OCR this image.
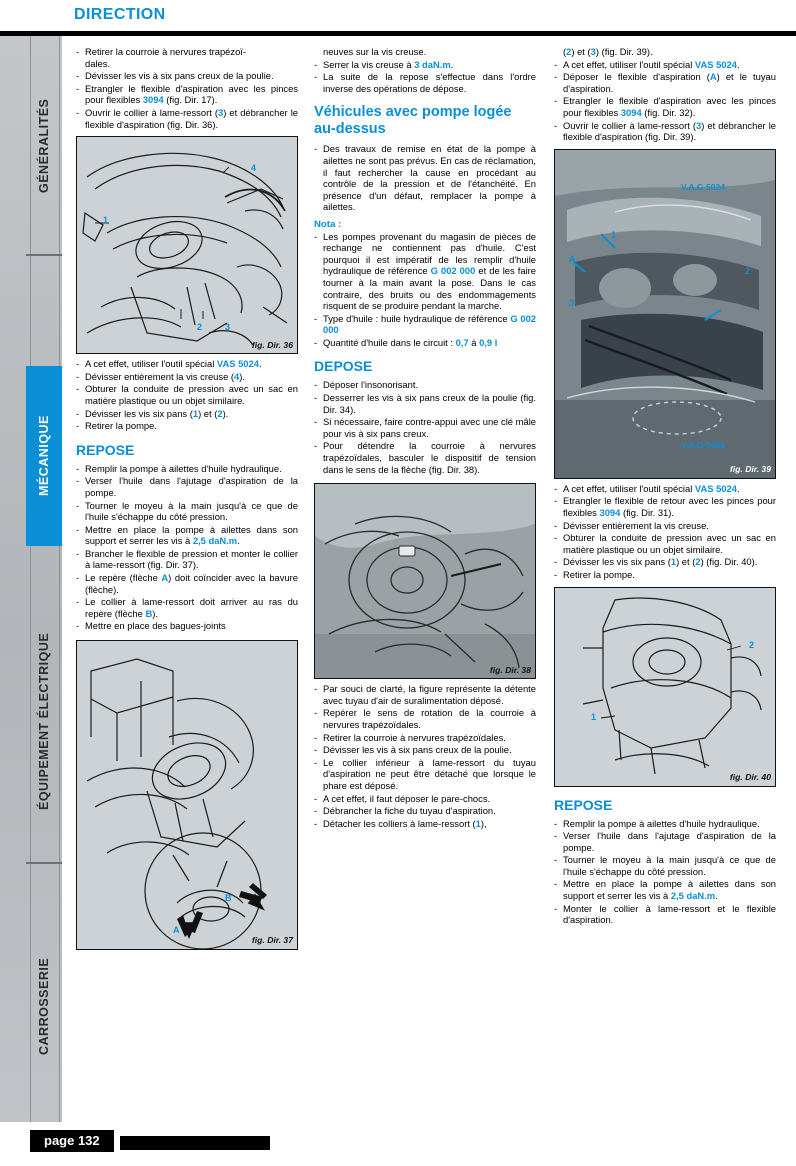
DIRECTION
GÉNÉRALITÉS
MÉCANIQUE
ÉQUIPEMENT ÉLECTRIQUE
CARROSSERIE
- Retirer la courroie à nervures trapézoï-
dales.
- Dévisser les vis à six pans creux de la poulie.
- Etrangler le flexible d'aspiration avec les pinces pour flexibles 3094 (fig. Dir. 17).
- Ouvrir le collier à lame-ressort (3) et débrancher le flexible d'aspiration (fig. Dir. 36).
4
1
2	3
fig. Dir. 36
- A cet effet, utiliser l'outil spécial VAS 5024.
- Dévisser entièrement la vis creuse (4).
- Obturer la conduite de pression avec un sac en matière plastique ou un objet similaire.
- Dévisser les vis six pans (1) et (2).
- Retirer la pompe.
REPOSE
- Remplir la pompe à ailettes d'huile hydraulique.
- Verser l'huile dans l'ajutage d'aspiration de la pompe.
- Tourner le moyeu à la main jusqu'à ce que de l'huile s'échappe du côté pression.
- Mettre en place la pompe à ailettes dans son support et serrer les vis à 2,5 daN.m.
- Brancher le flexible de pression et monter le collier à lame-ressort (fig. Dir. 37).
- Le repère (flèche A) doit coïncider avec la bavure (flèche).
- Le collier à lame-ressort doit arriver au ras du repère (flèche B).
- Mettre en place des bagues-joints
A
B
fig. Dir. 37
neuves sur la vis creuse.
- Serrer la vis creuse à 3 daN.m.
- La suite de la repose s'effectue dans l'ordre inverse des opérations de dépose.
Véhicules avec pompe logée au-dessus
- Des travaux de remise en état de la pompe à ailettes ne sont pas prévus. En cas de réclamation, il faut rechercher la cause en procédant au contrôle de la pression et de l'étanchéité. En présence d'un défaut, remplacer la pompe à ailettes.
Nota :
- Les pompes provenant du magasin de pièces de rechange ne contiennent pas d'huile. C'est pourquoi il est impératif de les remplir d'huile hydraulique de référence G 002 000 et de les faire tourner à la main avant la pose. Dans le cas contraire, des bruits ou des endommagements risquent de se produire pendant la marche.
- Type d'huile : huile hydraulique de référence G 002 000
- Quantité d'huile dans le circuit : 0,7 à 0,9 l
DEPOSE
- Déposer l'insonorisant.
- Desserrer les vis à six pans creux de la poulie (fig. Dir. 34).
- Si nécessaire, faire contre-appui avec une clé mâle pour vis à six pans creux.
- Pour détendre la courroie à nervures trapézoïdales, basculer le dispositif de tension dans le sens de la flèche (fig. Dir. 38).
fig. Dir. 38
- Par souci de clarté, la figure représente la détente avec tuyau d'air de suralimentation déposé.
- Repérer le sens de rotation de la courroie à nervures trapézoïdales.
- Retirer la courroie à nervures trapézoïdales.
- Dévisser les vis à six pans creux de la poulie.
- Le collier inférieur à lame-ressort du tuyau d'aspiration ne peut être détaché que lorsque le phare est déposé.
- A cet effet, il faut déposer le pare-chocs.
- Débrancher la fiche du tuyau d'aspiration.
- Détacher les colliers à lame-ressort (1),
(2) et (3) (fig. Dir. 39).
- A cet effet, utiliser l'outil spécial VAS 5024.
- Déposer le flexible d'aspiration (A) et le tuyau d'aspiration.
- Etrangler le flexible d'aspiration avec les pinces pour flexibles 3094 (fig. Dir. 32).
- Ouvrir le collier à lame-ressort (3) et débrancher le flexible d'aspiration (fig. Dir. 39).
V.A.G 5024
V.A.G 5024
1
A
2
3
fig. Dir. 39
- A cet effet, utiliser l'outil spécial VAS 5024.
- Etrangler le flexible de retour avec les pinces pour flexibles 3094 (fig. Dir. 31).
- Dévisser entièrement la vis creuse.
- Obturer la conduite de pression avec un sac en matière plastique ou un objet similaire.
- Dévisser les vis six pans (1) et (2) (fig. Dir. 40).
- Retirer la pompe.
1
2
fig. Dir. 40
REPOSE
- Remplir la pompe à ailettes d'huile hydraulique.
- Verser l'huile dans l'ajutage d'aspiration de la pompe.
- Tourner le moyeu à la main jusqu'à ce que de l'huile s'échappe du côté pression.
- Mettre en place la pompe à ailettes dans son support et serrer les vis à 2,5 daN.m.
- Monter le collier à lame-ressort et le flexible d'aspiration.
page 132
